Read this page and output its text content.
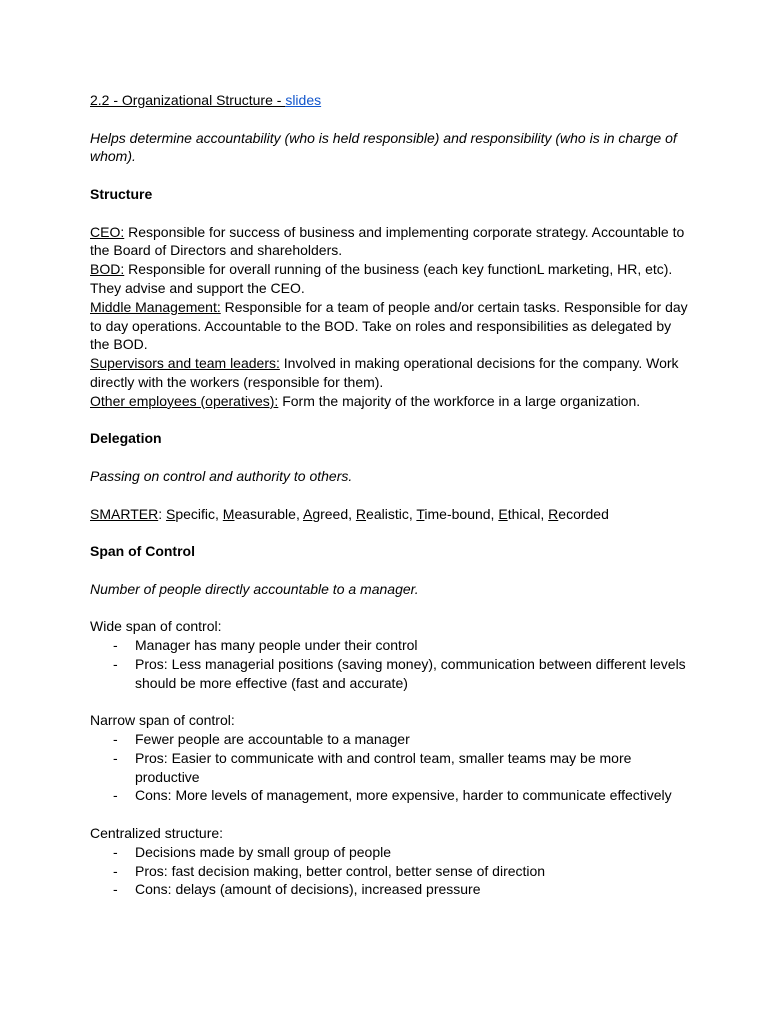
2.2 - Organizational Structure - slides

Helps determine accountability (who is held responsible) and responsibility (who is in charge of whom).

Structure

CEO: Responsible for success of business and implementing corporate strategy. Accountable to the Board of Directors and shareholders.

BOD: Responsible for overall running of the business (each key functionL marketing, HR, etc). They advise and support the CEO.

Middle Management: Responsible for a team of people and/or certain tasks. Responsible for day to day operations. Accountable to the BOD. Take on roles and responsibilities as delegated by the BOD.

Supervisors and team leaders: Involved in making operational decisions for the company. Work directly with the workers (responsible for them).

Other employees (operatives): Form the majority of the workforce in a large organization.

Delegation

Passing on control and authority to others.

SMARTER: Specific, Measurable, Agreed, Realistic, Time-bound, Ethical, Recorded

Span of Control

Number of people directly accountable to a manager.

Wide span of control:

- Manager has many people under their control
- Pros: Less managerial positions (saving money), communication between different levels should be more effective (fast and accurate)

Narrow span of control:

- Fewer people are accountable to a manager
- Pros: Easier to communicate with and control team, smaller teams may be more productive
- Cons: More levels of management, more expensive, harder to communicate effectively

Centralized structure:

- Decisions made by small group of people
- Pros: fast decision making, better control, better sense of direction
- Cons: delays (amount of decisions), increased pressure
